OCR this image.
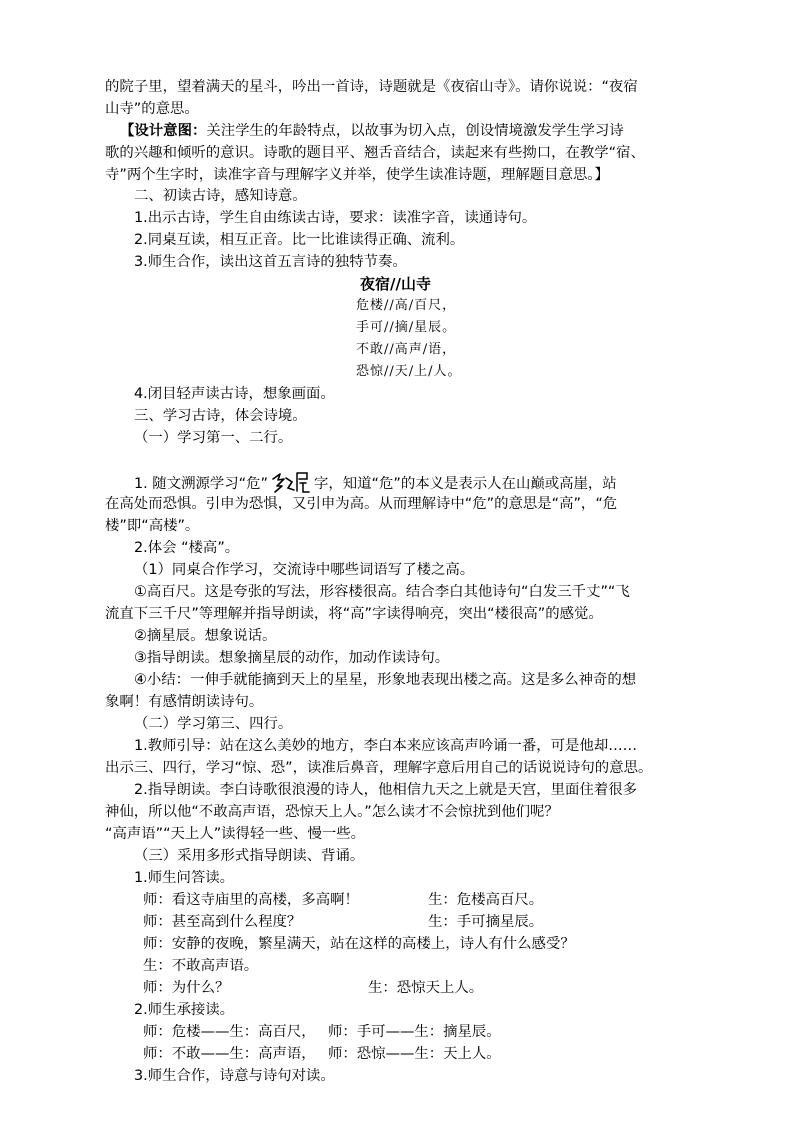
的院子里，望着满天的星斗，吟出一首诗，诗题就是《夜宿山寺》。请你说说：“夜宿
山寺”的意思。
【设计意图：关注学生的年龄特点，以故事为切入点，创设情境激发学生学习诗
歌的兴趣和倾听的意识。诗歌的题目平、翘舌音结合，读起来有些拗口，在教学“宿、
寺”两个生字时，读准字音与理解字义并举，使学生读准诗题，理解题目意思。】
二、初读古诗，感知诗意。
1.出示古诗，学生自由练读古诗，要求：读准字音，读通诗句。
2.同桌互读，相互正音。比一比谁读得正确、流利。
3.师生合作，读出这首五言诗的独特节奏。
夜宿//山寺
危楼//高/百尺，
手可//摘/星辰。
不敢//高声/语，
恐惊//天/上/人。
4.闭目轻声读古诗，想象画面。
三、学习古诗，体会诗境。
（一）学习第一、二行。
1. 随文溯源学习“危”	字，知道“危”的本义是表示人在山巅或高崖，站
在高处而恐惧。引申为恐惧，又引申为高。从而理解诗中“危”的意思是“高”，“危
楼”即“高楼”。
2.体会 “楼高”。
（1）同桌合作学习，交流诗中哪些词语写了楼之高。
①高百尺。这是夸张的写法，形容楼很高。结合李白其他诗句“白发三千丈”“飞
流直下三千尺”等理解并指导朗读，将“高”字读得响亮，突出“楼很高”的感觉。
②摘星辰。想象说话。
③指导朗读。想象摘星辰的动作，加动作读诗句。
④小结：一伸手就能摘到天上的星星，形象地表现出楼之高。这是多么神奇的想
象啊！有感情朗读诗句。
（二）学习第三、四行。
1.教师引导：站在这么美妙的地方，李白本来应该高声吟诵一番，可是他却……
出示三、四行，学习“惊、恐”，读准后鼻音，理解字意后用自己的话说说诗句的意思。
2.指导朗读。李白诗歌很浪漫的诗人，他相信九天之上就是天宫，里面住着很多
神仙，所以他“不敢高声语，恐惊天上人。”怎么读才不会惊扰到他们呢？
“高声语”“天上人”读得轻一些、慢一些。
（三）采用多形式指导朗读、背诵。
1.师生问答读。
师：看这寺庙里的高楼，多高啊！	生：危楼高百尺。
师：甚至高到什么程度？	生：手可摘星辰。
师：安静的夜晚，繁星满天，站在这样的高楼上，诗人有什么感受？
生：不敢高声语。
师：为什么？	生：恐惊天上人。
2.师生承接读。
师：危楼——生：高百尺， 师：手可——生：摘星辰。
师：不敢——生：高声语， 师：恐惊——生：天上人。
3.师生合作，诗意与诗句对读。
